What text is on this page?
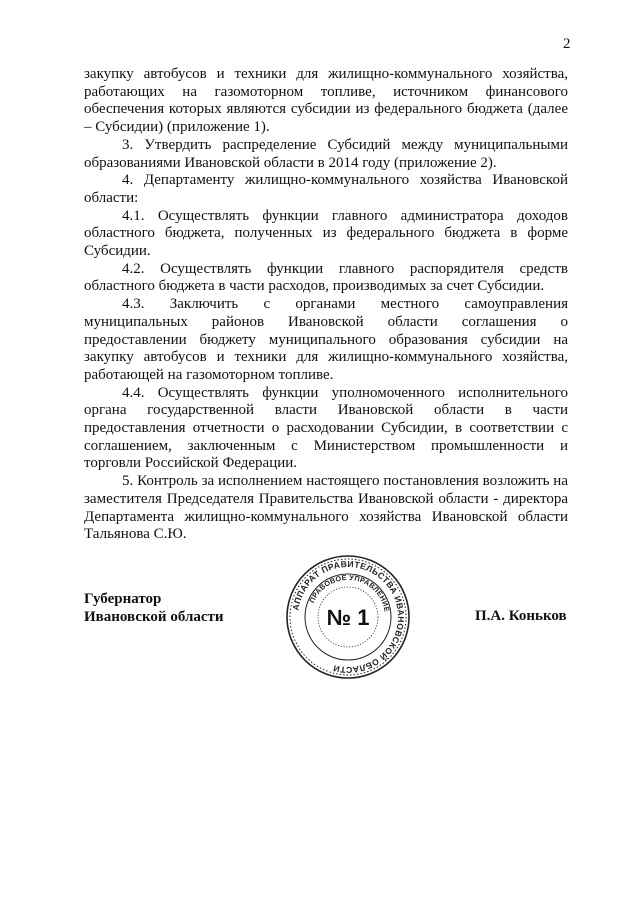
2

закупку автобусов и техники для жилищно-коммунального хозяйства, работающих на газомоторном топливе, источником финансового обеспечения которых являются субсидии из федерального бюджета (далее – Субсидии) (приложение 1).

3. Утвердить распределение Субсидий между муниципальными образованиями Ивановской области в 2014 году (приложение 2).

4. Департаменту жилищно-коммунального хозяйства Ивановской области:

4.1. Осуществлять функции главного администратора доходов областного бюджета, полученных из федерального бюджета в форме Субсидии.

4.2. Осуществлять функции главного распорядителя средств областного бюджета в части расходов, производимых за счет Субсидии.

4.3. Заключить с органами местного самоуправления муниципальных районов Ивановской области соглашения о предоставлении бюджету муниципального образования субсидии на закупку автобусов и техники для жилищно-коммунального хозяйства, работающей на газомоторном топливе.

4.4. Осуществлять функции уполномоченного исполнительного органа государственной власти Ивановской области в части предоставления отчетности о расходовании Субсидии, в соответствии с соглашением, заключенным с Министерством промышленности и торговли Российской Федерации.

5. Контроль за исполнением настоящего постановления возложить на заместителя Председателя Правительства Ивановской области - директора Департамента жилищно-коммунального хозяйства Ивановской области Тальянова С.Ю.

Губернатор
Ивановской области	П.А. Коньков
АППАРАТ ПРАВИТЕЛЬСТВА ИВАНОВСКОЙ ОБЛАСТИ
ПРАВОВОЕ УПРАВЛЕНИЕ
№ 1
